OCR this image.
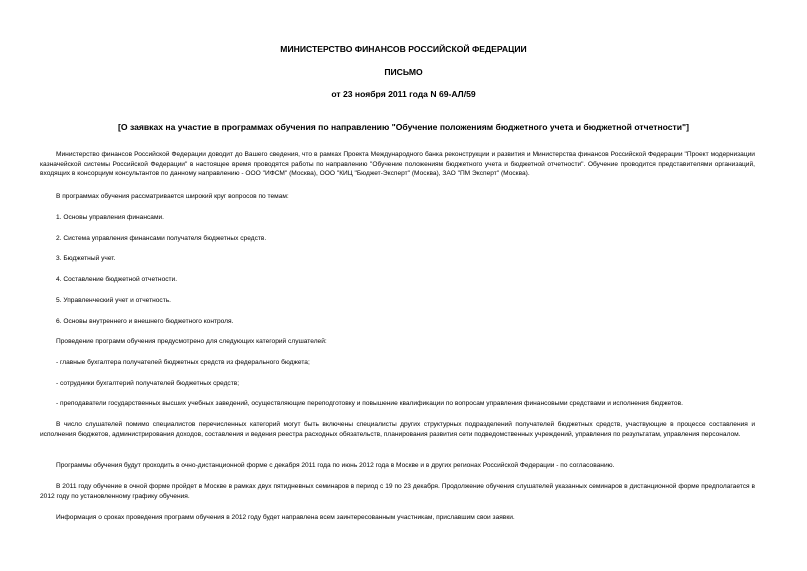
МИНИСТЕРСТВО ФИНАНСОВ РОССИЙСКОЙ ФЕДЕРАЦИИ
ПИСЬМО
от 23 ноября 2011 года N 69-АЛ/59
[О заявках на участие в программах обучения по направлению "Обучение положениям бюджетного учета и бюджетной отчетности"]
Министерство финансов Российской Федерации доводит до Вашего сведения, что в рамках Проекта Международного банка реконструкции и развития и Министерства финансов Российской Федерации "Проект модернизации казначейской системы Российской Федерации" в настоящее время проводятся работы по направлению "Обучение положениям бюджетного учета и бюджетной отчетности". Обучение проводится представителями организаций, входящих в консорциум консультантов по данному направлению - ООО "ИФСМ" (Москва), ООО "КИЦ "Бюджет-Эксперт" (Москва), ЗАО "ПМ Эксперт" (Москва).
В программах обучения рассматривается широкий круг вопросов по темам:
1. Основы управления финансами.
2. Система управления финансами получателя бюджетных средств.
3. Бюджетный учет.
4. Составление бюджетной отчетности.
5. Управленческий учет и отчетность.
6. Основы внутреннего и внешнего бюджетного контроля.
Проведение программ обучения предусмотрено для следующих категорий слушателей:
- главные бухгалтера получателей бюджетных средств из федерального бюджета;
- сотрудники бухгалтерий получателей бюджетных средств;
- преподаватели государственных высших учебных заведений, осуществляющие переподготовку и повышение квалификации по вопросам управления финансовыми средствами и исполнения бюджетов.
В число слушателей помимо специалистов перечисленных категорий могут быть включены специалисты других структурных подразделений получателей бюджетных средств, участвующие в процессе составления и исполнения бюджетов, администрирования доходов, составления и ведения реестра расходных обязательств, планирования развития сети подведомственных учреждений, управления по результатам, управления персоналом.
Программы обучения будут проходить в очно-дистанционной форме с декабря 2011 года по июнь 2012 года в Москве и в других регионах Российской Федерации - по согласованию.
В 2011 году обучение в очной форме пройдет в Москве в рамках двух пятидневных семинаров в период с 19 по 23 декабря. Продолжение обучения слушателей указанных семинаров в дистанционной форме предполагается в 2012 году по установленному графику обучения.
Информация о сроках проведения программ обучения в 2012 году будет направлена всем заинтересованным участникам, приславшим свои заявки.
